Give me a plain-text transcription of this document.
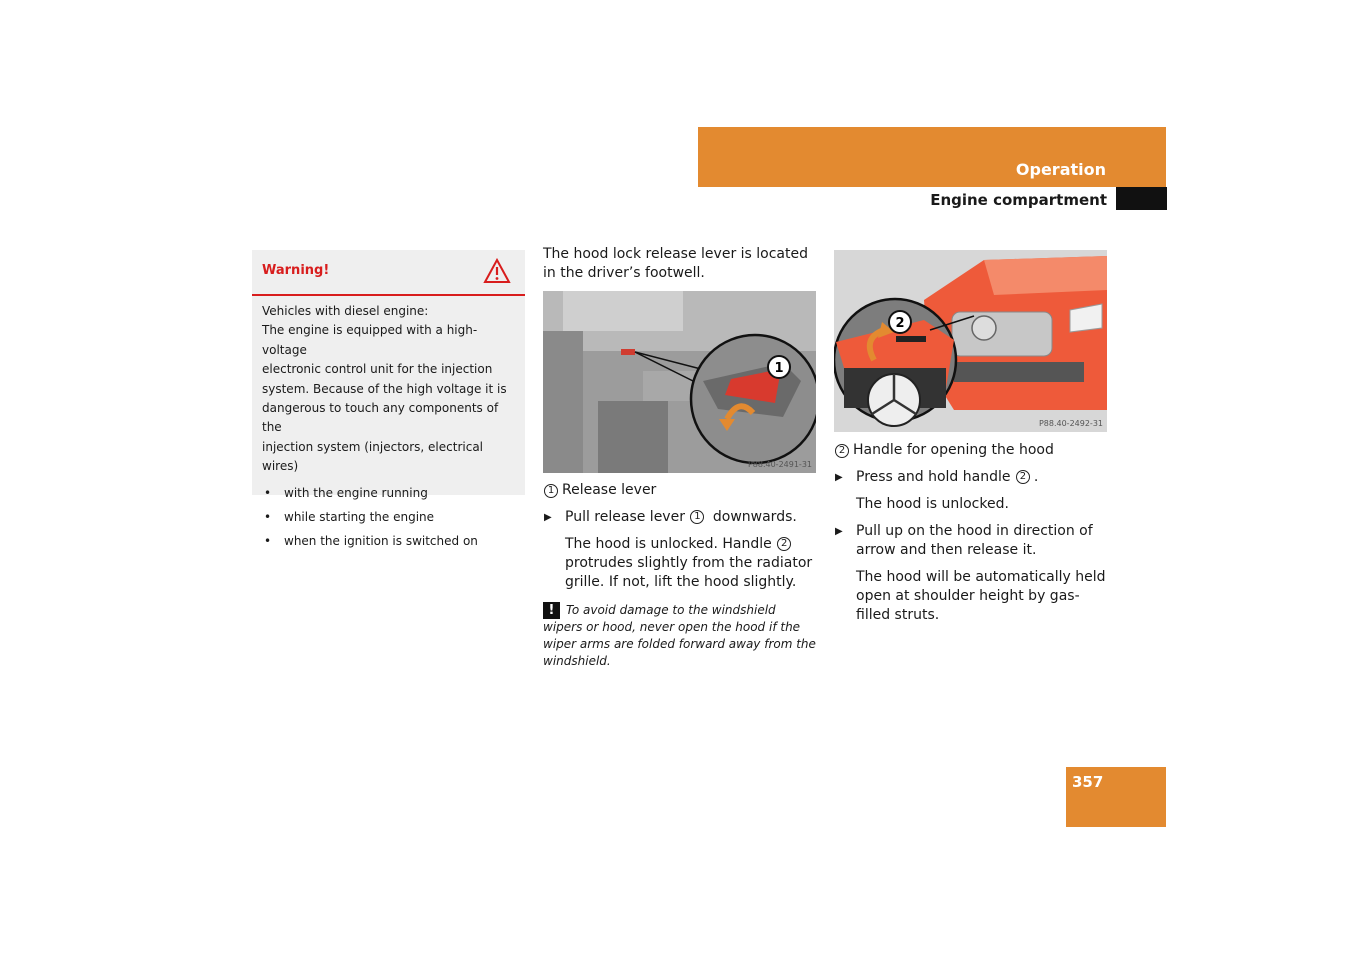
Operation
Engine compartment
Warning!

Vehicles with diesel engine:

The engine is equipped with a high-voltage

electronic control unit for the injection

system. Because of the high voltage it is

dangerous to touch any components of the

injection system (injectors, electrical wires)

• with the engine running
• while starting the engine
• when the ignition is switched on

The hood lock release lever is located in the driver’s footwell.

1
P88.40-2491-31

1 Release lever

▶ Pull release lever 1 downwards.

The hood is unlocked. Handle 2 protrudes slightly from the radiator grille. If not, lift the hood slightly.

! To avoid damage to the windshield wipers or hood, never open the hood if the wiper arms are folded forward away from the windshield.

2
P88.40-2492-31

2 Handle for opening the hood

▶ Press and hold handle 2 .

The hood is unlocked.

▶ Pull up on the hood in direction of arrow and then release it.

The hood will be automatically held open at shoulder height by gas-filled struts.

357
